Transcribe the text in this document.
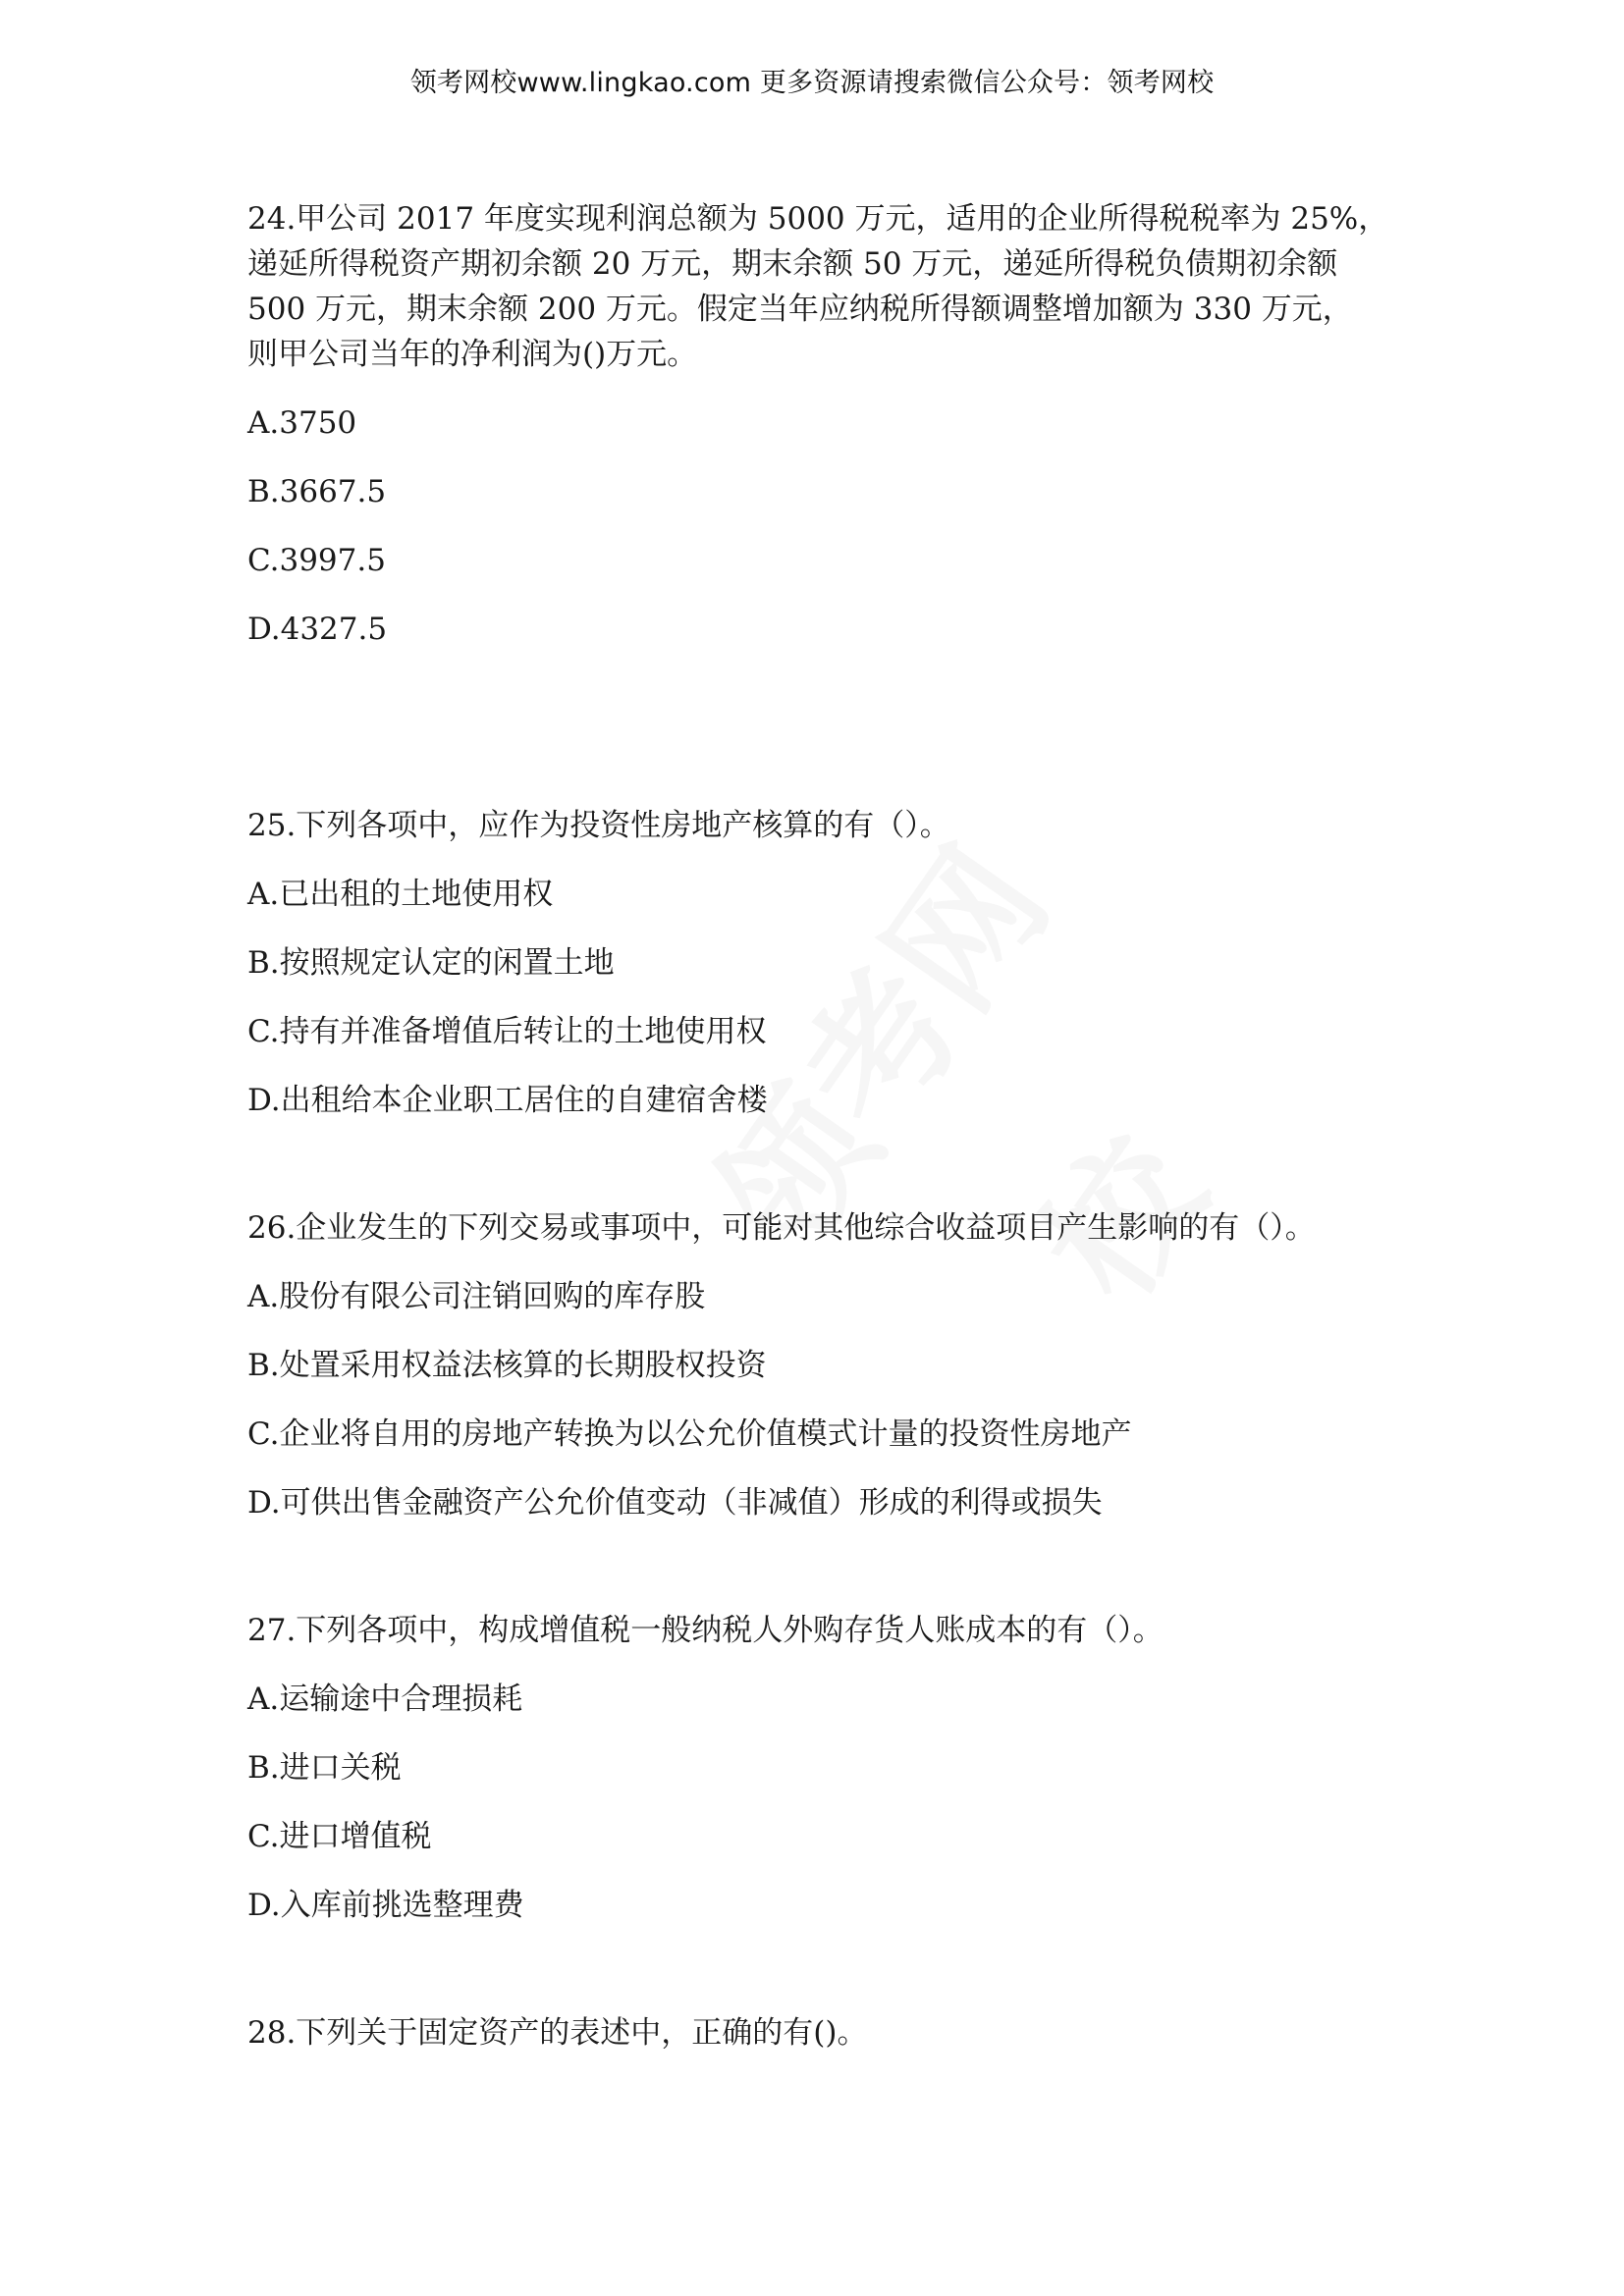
领考网校www.lingkao.com 更多资源请搜索微信公众号：领考网校

24.甲公司 2017 年度实现利润总额为 5000 万元，适用的企业所得税税率为 25%，
递延所得税资产期初余额 20 万元，期末余额 50 万元，递延所得税负债期初余额
500 万元，期末余额 200 万元。假定当年应纳税所得额调整增加额为 330 万元，
则甲公司当年的净利润为()万元。

A.3750

B.3667.5

C.3997.5

D.4327.5

25.下列各项中，应作为投资性房地产核算的有（）。

A.已出租的土地使用权

B.按照规定认定的闲置土地

C.持有并准备增值后转让的土地使用权

D.出租给本企业职工居住的自建宿舍楼

26.企业发生的下列交易或事项中，可能对其他综合收益项目产生影响的有（）。

A.股份有限公司注销回购的库存股

B.处置采用权益法核算的长期股权投资

C.企业将自用的房地产转换为以公允价值模式计量的投资性房地产

D.可供出售金融资产公允价值变动（非减值）形成的利得或损失

27.下列各项中，构成增值税一般纳税人外购存货人账成本的有（）。

A.运输途中合理损耗

B.进口关税

C.进口增值税

D.入库前挑选整理费

28.下列关于固定资产的表述中，正确的有()。
